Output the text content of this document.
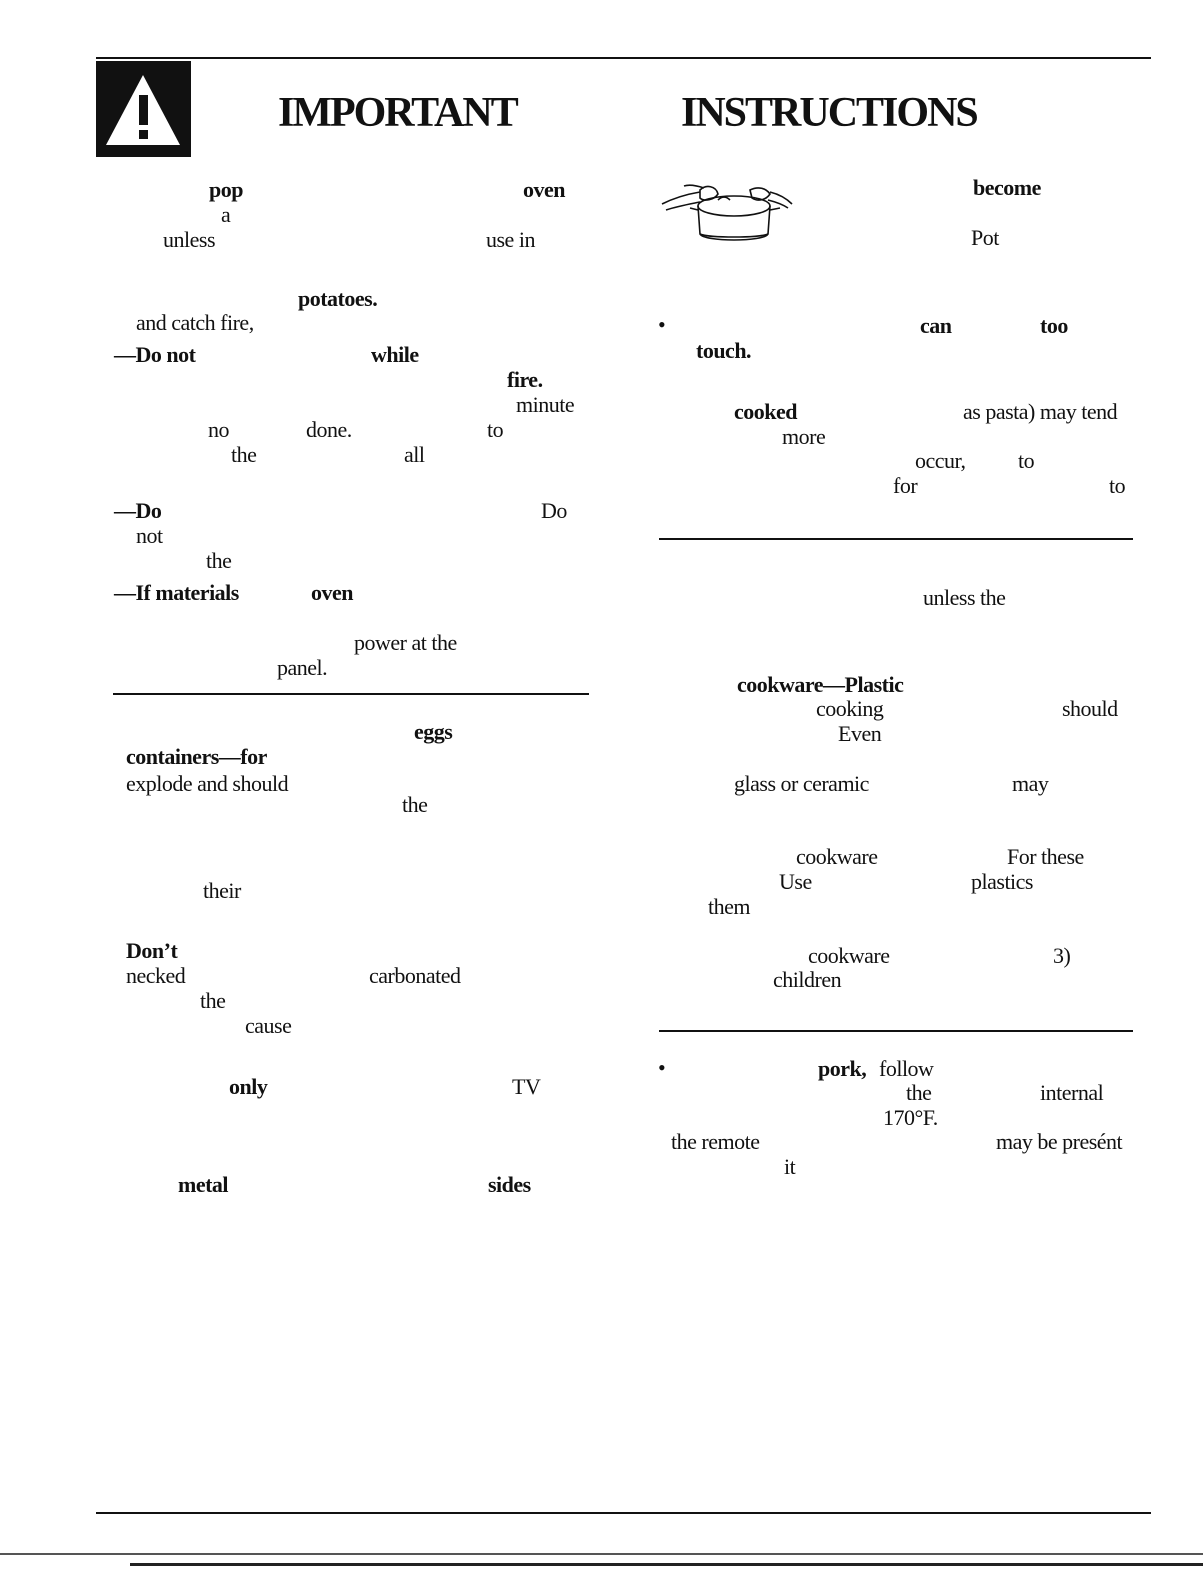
IMPORTANT	INSTRUCTIONS
pop	oven
a
unless	use in
potatoes.
and catch fire,
—Do not	while
fire.
minute
no	done.	to
the	all
—Do	Do
not
the
—If materials	oven
power at the
panel.
eggs
containers—for
explode and should
the
their
Don’t
necked	carbonated
the
cause
only	TV
metal	sides
become
Pot
•	can	too
touch.
cooked	as pasta) may tend
more
occur, to
for	to
unless the
cookware—Plastic
cooking	should
Even
glass or ceramic	may
cookware	For these
Use	plastics
them
cookware	3)
children
•	pork, follow
the	internal
170°F.
the remote	may be presént
it
